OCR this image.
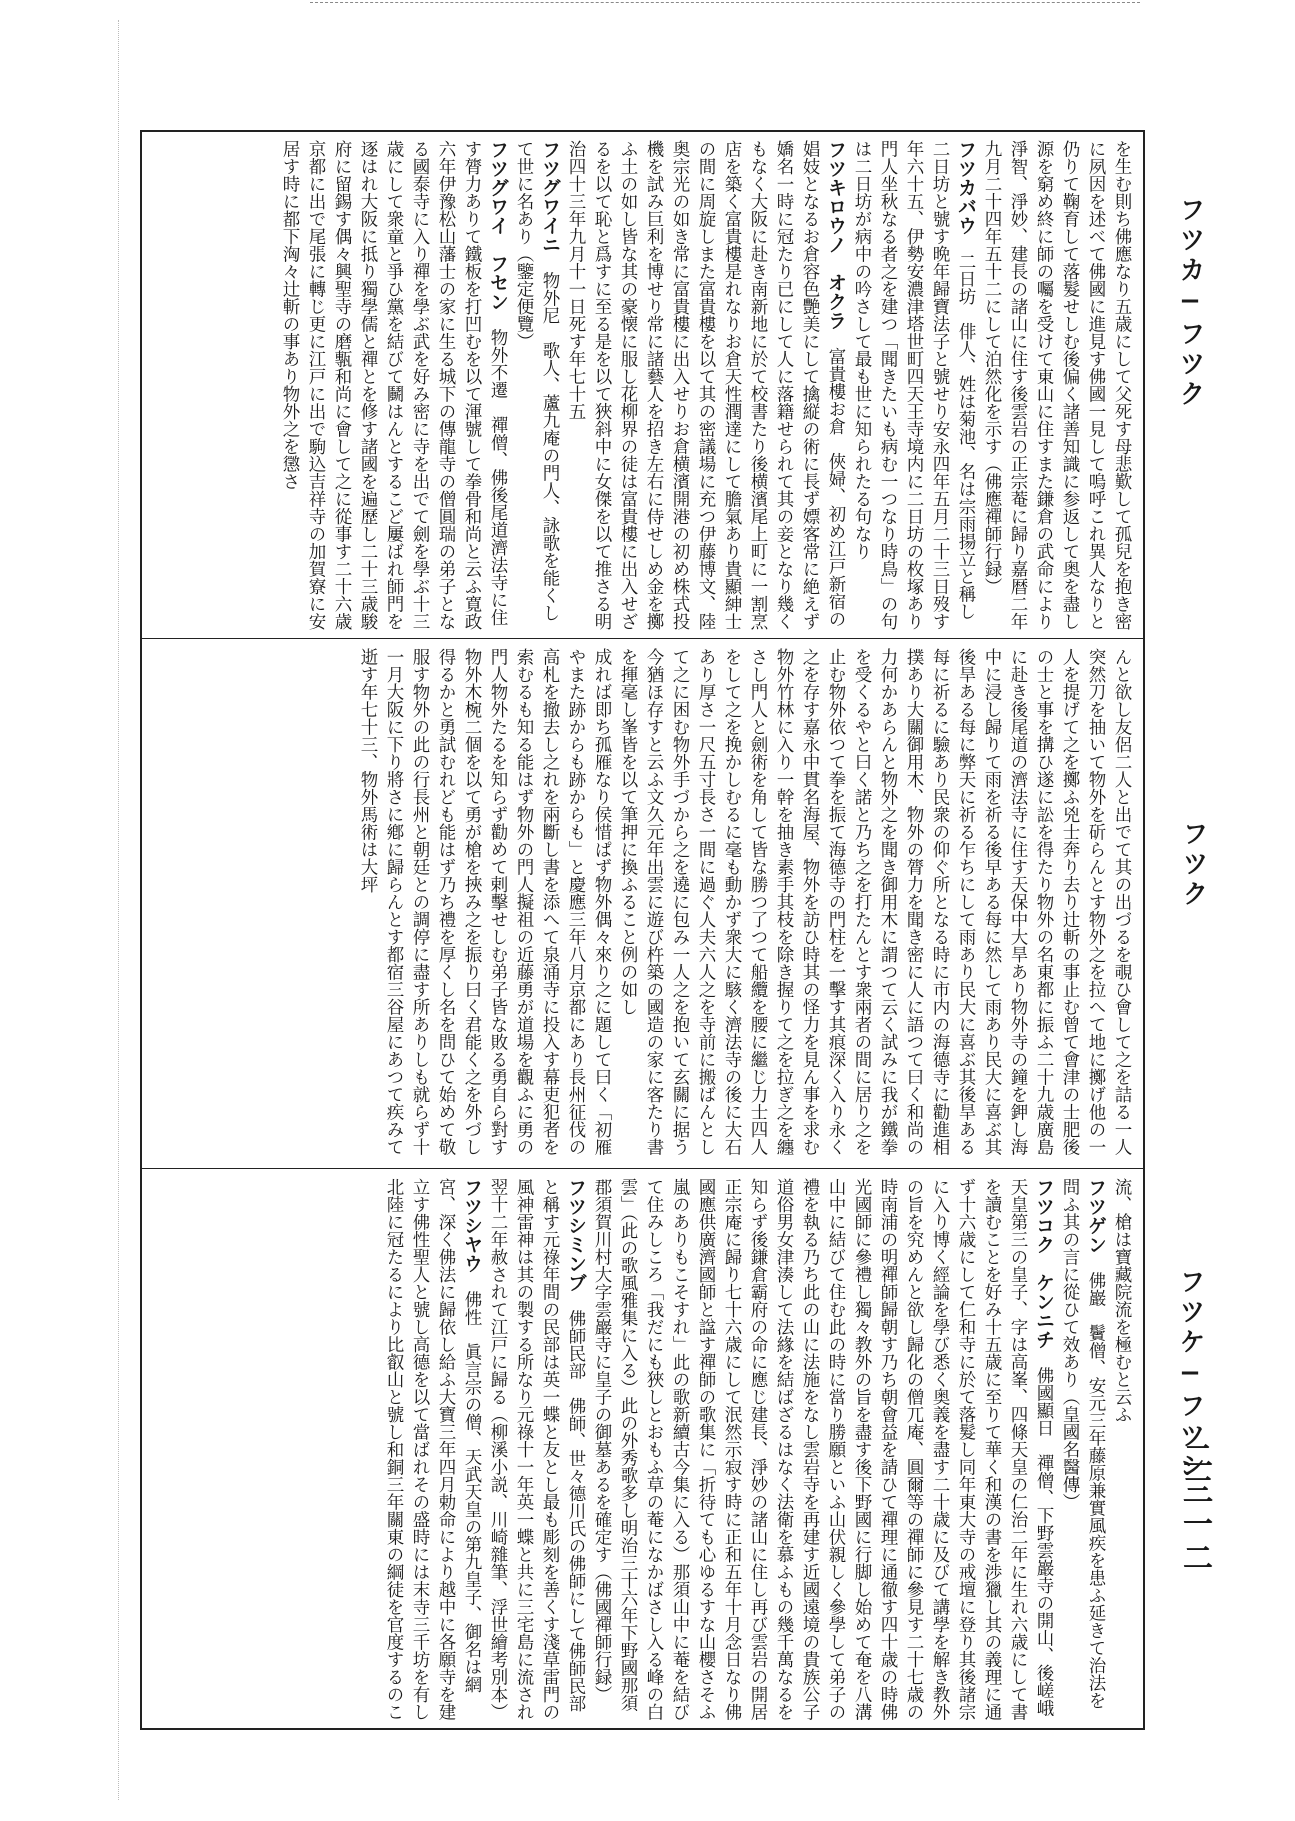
フツカ−フツク
フツク
フツケ−フツシ
二三一二

を生む則ち佛應なり五歳にして父死す母悲歎して孤兒を抱き密に夙因を述べて佛國に進見す佛國一見して嗚呼これ異人なりと仍りて鞠育して落髮せしむ後偏く諸善知識に参返して奥を盡し源を窮め終に師の囑を受けて東山に住すまた鎌倉の武命により淨智、淨妙、建長の諸山に住す後雲岩の正宗菴に歸り嘉暦二年九月二十四年五十二にして泊然化を示す（佛應禪師行録）

フツカバウ　二日坊　俳人、姓は菊池、名は宗雨揚立と稱し二日坊と號す晩年歸寶法子と號せり安永四年五月二十三日歿す年六十五、伊勢安濃津塔世町四天王寺境内に二日坊の枚塚あり門人坐秋なる者之を建つ「聞きたいも病む一つなり時鳥」の句は二日坊が病中の吟さして最も世に知られたる句なり

フツキロウノ　オクラ　富貴樓お倉　俠婦、初め江戸新宿の娼妓となるお倉容色艷美にして擒縦の術に長ず嫖客常に絶えず嬌名一時に冠たり已にして人に落籍せられて其の妾となり幾くもなく大阪に赴き南新地に於て校書たり後横濱尾上町に一割烹店を築く富貴樓是れなりお倉天性潤達にして膽氣あり貴顯紳士の間に周旋しまた富貴樓を以て其の密議場に充つ伊藤博文、陸奥宗光の如き常に富貴樓に出入せりお倉横濱開港の初め株式投機を試み巨利を博せり常に諸藝人を招き左右に侍せしめ金を擲ふ土の如し皆な其の豪懐に服し花柳界の徒は富貴樓に出入せざるを以て恥と爲すに至る是を以て狹斜中に女傑を以て推さる明治四十三年九月十一日死す年七十五

フツグワイニ　物外尼　歌人、蘆九庵の門人、詠歌を能くして世に名あり（鑒定便覽）

フツグワイ　フセン　物外不遷　禪僧、佛後尾道濟法寺に住す膂力ありて鐵板を打凹むを以て渾號して拳骨和尚と云ふ寛政六年伊豫松山藩士の家に生る城下の傳龍寺の僧圓瑞の弟子となる國泰寺に入り禪を學ぶ武を好み密に寺を出でて劍を學ぶ十三歳にして衆童と爭ひ黨を結びて鬭はんとするこど屢ばれ師門を逐はれ大阪に抵り獨學儒と禪とを修す諸國を遍歷し二十三歳駿府に留錫す偶々興聖寺の磨甎和尚に會して之に從事す二十六歳京都に出で尾張に轉じ更に江戸に出で駒込吉祥寺の加賀寮に安居す時に都下洶々辻斬の事あり物外之を懲さ

んと欲し友侶二人と出でて其の出づるを覗ひ會して之を詰る一人突然刀を抽いて物外を斫らんとす物外之を拉へて地に擲げ他の一人を提げて之を擲ふ兇士奔り去り辻斬の事止む曾て會津の士肥後の士と事を搆ひ遂に訟を得たり物外の名東都に振ふ二十九歳廣島に赴き後尾道の濟法寺に住す天保中大旱あり物外寺の鐘を鉀し海中に浸し歸りて雨を祈る後早ある每に然して雨あり民大に喜ぶ其後旱ある每に弊天に祈る乍ちにして雨あり民大に喜ぶ其後旱ある每に祈るに驗あり民衆の仰ぐ所となる時に市内の海德寺に勸進相撲あり大關御用木、物外の膂力を聞き密に人に語つて曰く和尚の力何かあらんと物外之を聞き御用木に謂つて云く試みに我が鐵拳を受くるやと曰く諾と乃ち之を打たんとす衆兩者の間に居り之を止む物外依つて拳を振て海德寺の門柱を一擊す其痕深く入り永く之を存す嘉永中貫名海屋、物外を訪ひ時其の怪力を見ん事を求む物外竹林に入り一幹を抽き素手其枝を除き握りて之を拉ぎ之を纏さし門人と劍術を角して皆な勝つ了つて船纜を腰に繼じ力士四人をして之を挽かしむるに毫も動かず衆大に駭く濟法寺の後に大石あり厚さ一尺五寸長さ一間に過ぐ人夫六人之を寺前に搬ばんとして之に困む物外手づから之を遶に包み一人之を抱いて玄關に据う今猶ほ存すと云ふ文久元年出雲に遊び杵築の國造の家に客たり書を揮毫し峯皆を以て筆押に換ふること例の如し

成れば即ち孤雁なり侯惜ぱず物外偶々來り之に題して曰く「初雁やまた跡からも跡からも」と慶應三年八月京都にあり長州征伐の高札を撤去し之れを兩斷し書を添へて泉涌寺に投入す幕吏犯者を索むるも知る能はず物外の門人擬祖の近藤勇が道場を觀ふに勇の門人物外たるを知らず勸めて剌擊せしむ弟子皆な敗る勇自ら對す物外木椀二個を以て勇が槍を挾み之を振り曰く君能く之を外づし得るかと勇試むれども能はず乃ち禮を厚くし名を問ひて始めて敬服す物外の此の行長州と朝廷との調停に盡す所ありしも就らず十一月大阪に下り將さに鄕に歸らんとす都宿三谷屋にあつて疾みて逝す年七十三、物外馬術は大坪

流、槍は寶藏院流を極むと云ふ

フツゲン　佛巖　鬢僧、安元三年藤原兼實風疾を患ふ延きて治法を問ふ其の言に從ひて效あり（皇國名醫傳）

フツコク　ケンニチ　佛國顯日　禪僧、下野雲巖寺の開山、後嵯峨天皇第三の皇子、字は高峯、四條天皇の仁治二年に生れ六歳にして書を讀むことを好み十五歳に至りて華く和漢の書を渉獵し其の義理に通ず十六歳にして仁和寺に於て落髮し同年東大寺の戒壇に登り其後諸宗に入り博く經論を學び悉く奥義を盡す二十歳に及びて講學を解き教外の旨を究めんと欲し歸化の僧兀庵、圓爾等の禪師に參見す二十七歳の時南浦の明禪師歸朝す乃ち朝會益を請ひて禪理に通徹す四十歳の時佛光國師に參禮し獨々教外の旨を盡す後下野國に行脚し始めて奄を八溝山中に結びて住む此の時に當り勝願といふ山伏親しく參學して弟子の禮を執る乃ち此の山に法施をなし雲岩寺を再建す近國遠境の貴族公子道俗男女津湊して法緣を結ばざるはなく法衛を慕ふもの幾千萬なるを知らず後鎌倉霸府の命に應じ建長、淨妙の諸山に住し再び雲岩の開居正宗庵に歸り七十六歳にして泯然示寂す時に正和五年十月念日なり佛國應供廣濟國師と諡す禪師の歌集に「折待ても心ゆるすな山櫻さそふ嵐のありもこそすれ」此の歌新續古今集に入る）那須山中に菴を結びて住みしころ「我だにも狹しとおもふ草の菴になかばさし入る峰の白雲」（此の歌風雅集に入る）此の外秀歌多し明治三十六年下野國那須郡須賀川村大字雲巖寺に皇子の御墓あるを確定す（佛國禪師行録）

フツシミンブ　佛師民部　佛師、世々德川氏の佛師にして佛師民部と稱す元祿年間の民部は英一蝶と友とし最も彫刻を善くす淺草雷門の風神雷神は其の製する所なり元祿十一年英一蝶と共に三宅島に流され翌十二年赦されて江戸に歸る（柳溪小説、川崎雜筆、浮世繪考別本）

フツシヤウ　佛性　眞言宗の僧、天武天皇の第九皇子、御名は網宮、深く佛法に歸依し給ふ大寶三年四月勅命により越中に各願寺を建立す佛性聖人と號し高德を以て當ばれその盛時には末寺三千坊を有し北陸に冠たるにより比叡山と號し和銅三年關東の綱徒を官度するのこ
